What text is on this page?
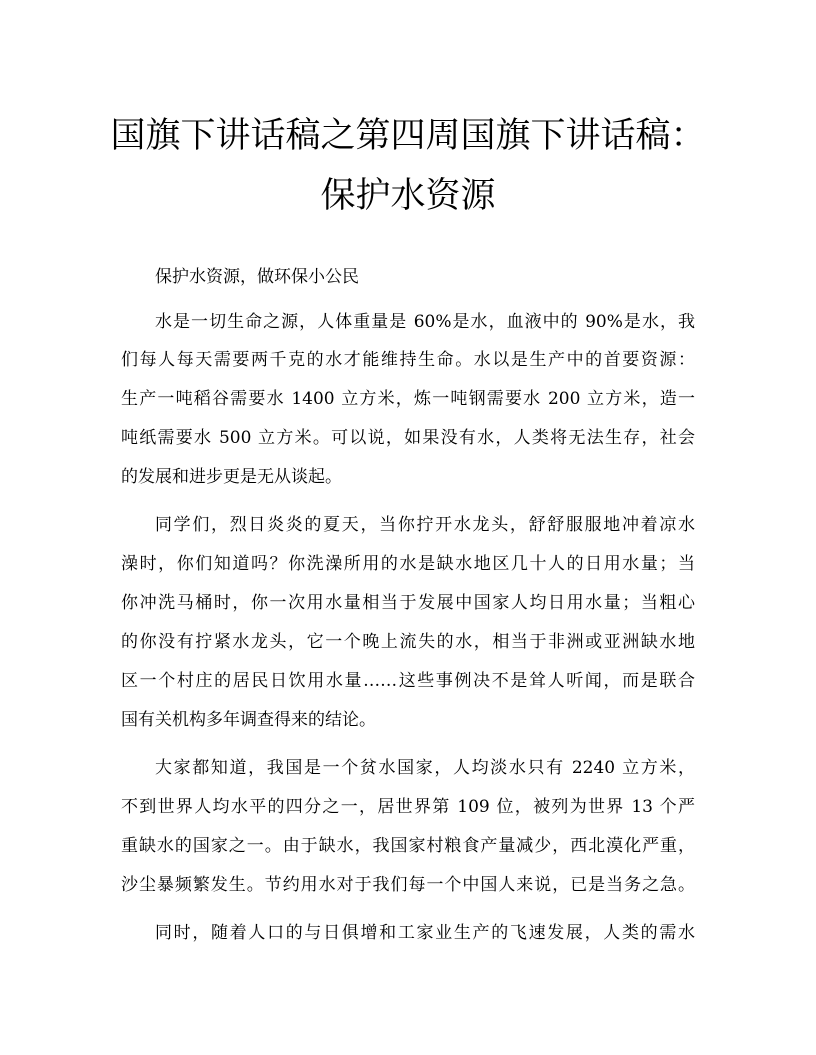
国旗下讲话稿之第四周国旗下讲话稿：
保护水资源
保护水资源，做环保小公民
水是一切生命之源，人体重量是 60%是水，血液中的 90%是水，我
们每人每天需要两千克的水才能维持生命。水以是生产中的首要资源：
生产一吨稻谷需要水 1400 立方米，炼一吨钢需要水 200 立方米，造一
吨纸需要水 500 立方米。可以说，如果没有水，人类将无法生存，社会
的发展和进步更是无从谈起。
同学们，烈日炎炎的夏天，当你拧开水龙头，舒舒服服地冲着凉水
澡时，你们知道吗？你洗澡所用的水是缺水地区几十人的日用水量；当
你冲洗马桶时，你一次用水量相当于发展中国家人均日用水量；当粗心
的你没有拧紧水龙头，它一个晚上流失的水，相当于非洲或亚洲缺水地
区一个村庄的居民日饮用水量……这些事例决不是耸人听闻，而是联合
国有关机构多年调查得来的结论。
大家都知道，我国是一个贫水国家，人均淡水只有 2240 立方米，
不到世界人均水平的四分之一，居世界第 109 位，被列为世界 13 个严
重缺水的国家之一。由于缺水，我国家村粮食产量减少，西北漠化严重，
沙尘暴频繁发生。节约用水对于我们每一个中国人来说，已是当务之急。
同时，随着人口的与日俱增和工家业生产的飞速发展，人类的需水
